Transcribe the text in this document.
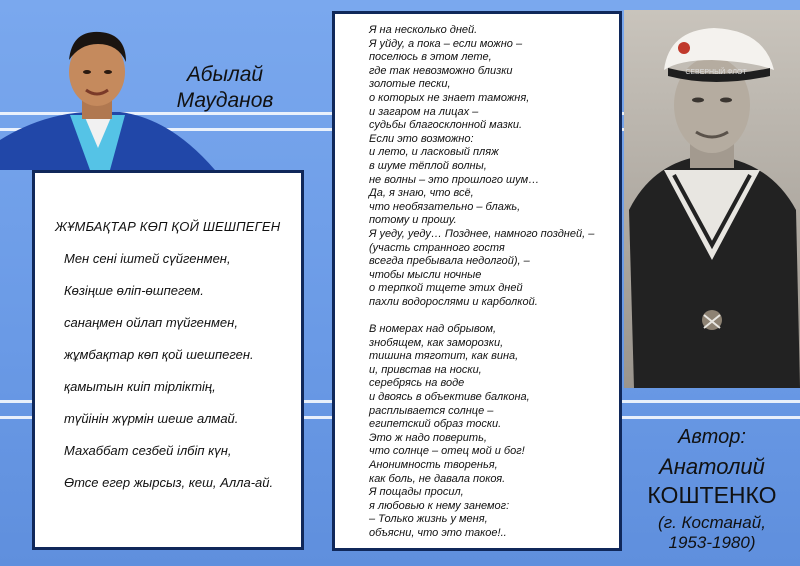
Абылай
Мауданов
ЖҰМБАҚТАР КӨП ҚОЙ ШЕШПЕГЕН
Мен сені іштей сүйгенмен,
Көзіңше өліп-өшпегем.
санаңмен ойлап түйгенмен,
жұмбақтар көп қой шешпеген.
қамытын киіп тірліктің,
түйінін жүрмін шеше алмай.
Махаббат сезбей ілбіп күн,
Өтсе егер жырсыз, кеш, Алла-ай.
Я на несколько дней.
Я уйду, а пока – если можно –
поселюсь в этом лете,
где так невозможно близки
золотые пески,
о которых не знает таможня,
и загаром на лицах –
судьбы благосклонной мазки.
Если это возможно:
и лето, и ласковый пляж
в шуме тёплой волны,
не волны – это прошлого шум…
Да, я знаю, что всё,
что необязательно – блажь,
потому и прошу.
Я уеду, уеду… Позднее, намного поздней, –
(участь странного гостя
всегда пребывала недолгой), –
чтобы мысли ночные
о терпкой тщете этих дней
пахли водорослями и карболкой.
В номерах над обрывом,
знобящем, как заморозки,
тишина тяготит, как вина,
и, привстав на носки,
серебрясь на воде
и двоясь в объективе балкона,
расплывается солнце –
египетский образ тоски.
Это ж надо поверить,
что солнце – отец мой и бог!
Анонимность творенья,
как боль, не давала покоя.
Я пощады просил,
я любовью к нему занемог:
– Только жизнь у меня,
объясни, что это такое!..
СЕВЕРНЫЙ ФЛОТ
Автор:
Анатолий
КОШТЕНКО
(г. Костанай,
1953-1980)
